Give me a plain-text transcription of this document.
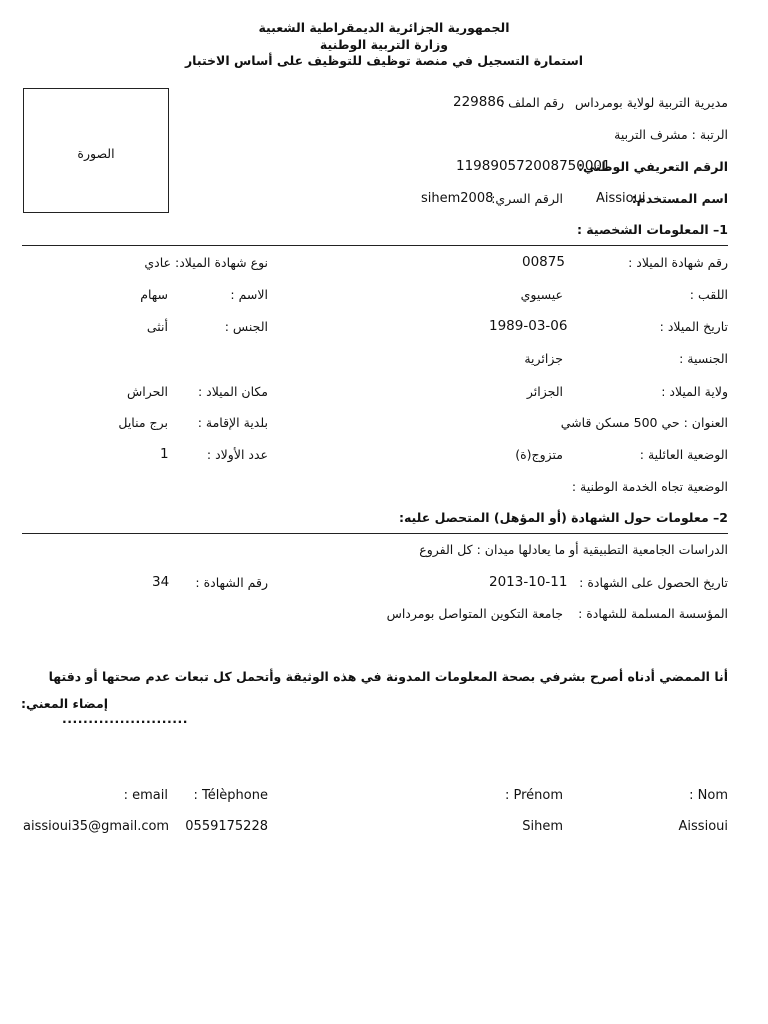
الجمهورية الجزائرية الديمقراطية الشعبية
وزارة التربية الوطنية
استمارة التسجيل في منصة توظيف للتوظيف على أساس الاختبار
الصورة
مديرية التربية لولاية بومرداس
رقم الملف :
229886
الرتبة : مشرف التربية
الرقم التعريفي الوطني:
119890572008750001
اسم المستخدم:
Aissioui
الرقم السري:
sihem2008
1– المعلومات الشخصية :
رقم شهادة الميلاد :
00875
نوع شهادة الميلاد: عادي
اللقب :
عيسيوي
الاسم :
سهام
تاريخ الميلاد :
1989-03-06
الجنس :
أنثى
الجنسية :
جزائرية
ولاية الميلاد :
الجزائر
مكان الميلاد :
الحراش
العنوان : حي 500 مسكن قاشي
بلدية الإقامة :
برج منايل
الوضعية العائلية :
متزوج(ة)
عدد الأولاد :
1
الوضعية تجاه الخدمة الوطنية :
2– معلومات حول الشهادة (أو المؤهل) المتحصل عليه:
الدراسات الجامعية التطبيقية أو ما يعادلها ميدان : كل الفروع
تاريخ الحصول على الشهادة :
2013-10-11
رقم الشهادة :
34
المؤسسة المسلمة للشهادة :
جامعة التكوين المتواصل بومرداس
أنا الممضي أدناه أصرح بشرفي بصحة المعلومات المدونة في هذه الوثيقة وأتحمل كل تبعات عدم صحتها أو دقتها
إمضاء المعني:
........................
: Nom
: Prénom
: Télèphone
: email
Aissioui
Sihem
0559175228
aissioui35@gmail.com
